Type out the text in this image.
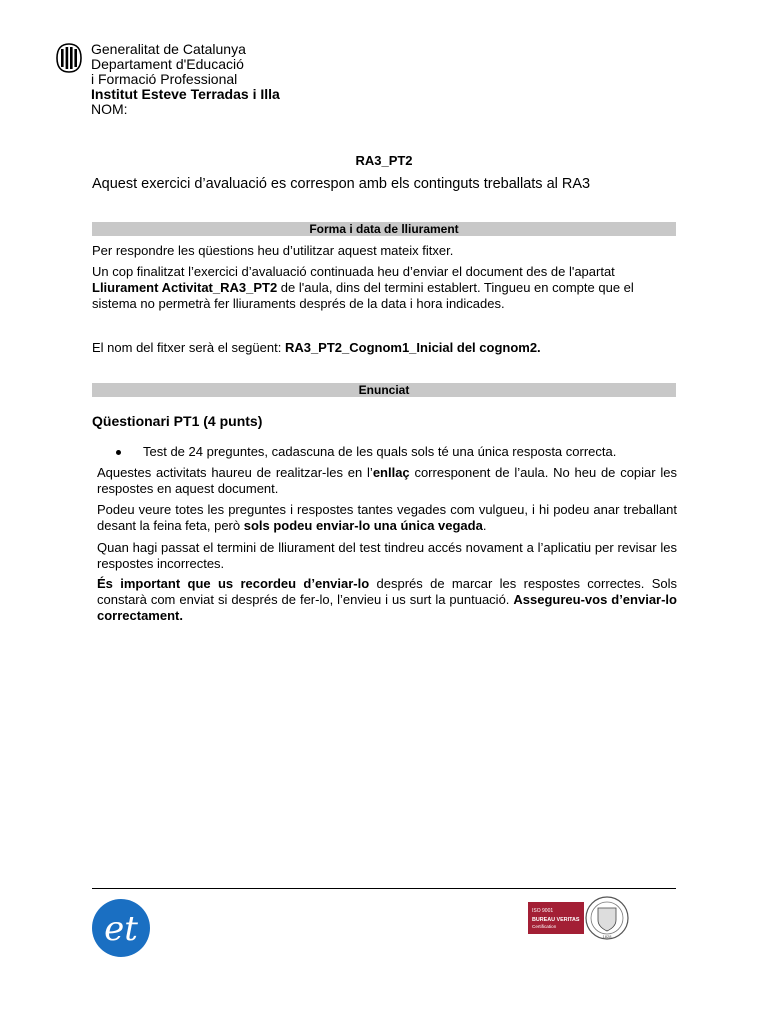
Generalitat de Catalunya
Departament d'Educació
i Formació Professional
Institut Esteve Terradas i Illa
NOM:
RA3_PT2
Aquest exercici d’avaluació es correspon amb els continguts treballats al RA3
Forma i data de lliurament
Per respondre les qüestions heu d’utilitzar aquest mateix fitxer.
Un cop finalitzat l’exercici d’avaluació continuada heu d’enviar el document des de l'apartat
Lliurament Activitat_RA3_PT2 de l'aula, dins del termini establert. Tingueu en compte que el sistema no permetrà fer lliuraments després de la data i hora indicades.
El nom del fitxer serà el següent: RA3_PT2_Cognom1_Inicial del cognom2.
Enunciat
Qüestionari PT1 (4 punts)
Test de 24 preguntes, cadascuna de les quals sols té una única resposta correcta.
Aquestes activitats haureu de realitzar-les en l’enllaç corresponent de l’aula. No heu de copiar les respostes en aquest document.
Podeu veure totes les preguntes i respostes tantes vegades com vulgueu, i hi podeu anar treballant desant la feina feta, però sols podeu enviar-lo una única vegada.
Quan hagi passat el termini de lliurament del test tindreu accés novament a l’aplicatiu per revisar les respostes incorrectes.
És important que us recordeu d’enviar-lo després de marcar les respostes correctes. Sols constarà com enviat si després de fer-lo, l’envieu i us surt la puntuació. Assegureu-vos d’enviar-lo correctament.
et	ISO 9001
BUREAU VERITAS
Certification
1828
